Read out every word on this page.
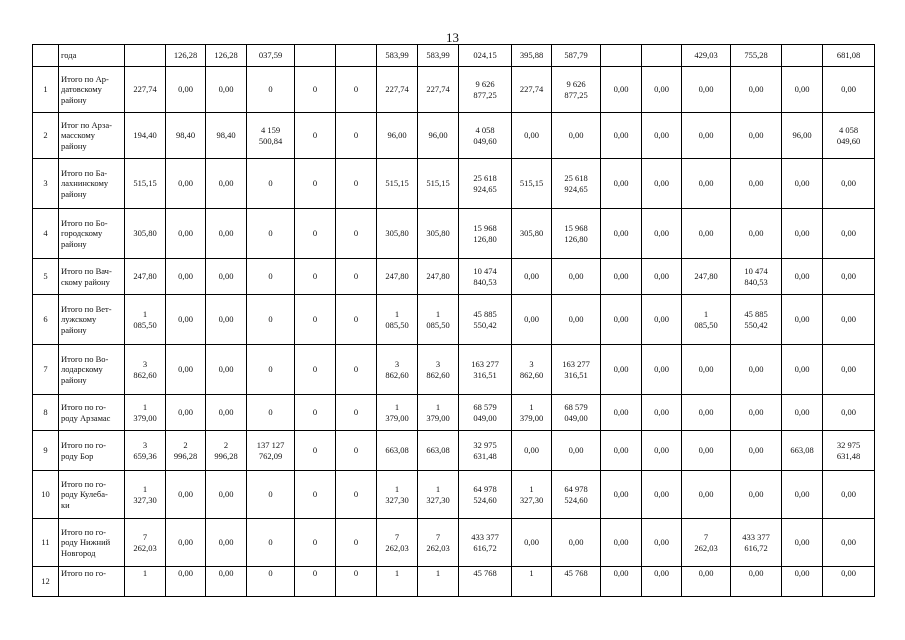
13

	года		126,28	126,28	037,59			583,99	583,99	024,15	395,88	587,79			429,03	755,28		681,08

1	Итого по Ар-
датовскому
району	227,74	0,00	0,00	0	0	0	227,74	227,74	9 626
877,25	227,74	9 626
877,25	0,00	0,00	0,00	0,00	0,00	0,00

2	Итог по Арза-
масскому
району	194,40	98,40	98,40	4 159
500,84	0	0	96,00	96,00	4 058
049,60	0,00	0,00	0,00	0,00	0,00	0,00	96,00	4 058
049,60

3	Итого по Ба-
лахнинскому
району	515,15	0,00	0,00	0	0	0	515,15	515,15	25 618
924,65	515,15	25 618
924,65	0,00	0,00	0,00	0,00	0,00	0,00

4	Итого по Бо-
городскому
району	305,80	0,00	0,00	0	0	0	305,80	305,80	15 968
126,80	305,80	15 968
126,80	0,00	0,00	0,00	0,00	0,00	0,00

5	Итого по Вач-
скому району	247,80	0,00	0,00	0	0	0	247,80	247,80	10 474
840,53	0,00	0,00	0,00	0,00	247,80	10 474
840,53	0,00	0,00

6	Итого по Вет-
лужскому
району	1
085,50	0,00	0,00	0	0	0	1
085,50	1
085,50	45 885
550,42	0,00	0,00	0,00	0,00	1
085,50	45 885
550,42	0,00	0,00

7	Итого по Во-
лодарскому
району	3
862,60	0,00	0,00	0	0	0	3
862,60	3
862,60	163 277
316,51	3
862,60	163 277
316,51	0,00	0,00	0,00	0,00	0,00	0,00

8	Итого по го-
роду Арзамас	1
379,00	0,00	0,00	0	0	0	1
379,00	1
379,00	68 579
049,00	1
379,00	68 579
049,00	0,00	0,00	0,00	0,00	0,00	0,00

9	Итого по го-
роду Бор	3
659,36	2
996,28	2
996,28	137 127
762,09	0	0	663,08	663,08	32 975
631,48	0,00	0,00	0,00	0,00	0,00	0,00	663,08	32 975
631,48

10	Итого по го-
роду Кулеба-
ки	1
327,30	0,00	0,00	0	0	0	1
327,30	1
327,30	64 978
524,60	1
327,30	64 978
524,60	0,00	0,00	0,00	0,00	0,00	0,00

11	Итого по го-
роду Нижний
Новгород	7
262,03	0,00	0,00	0	0	0	7
262,03	7
262,03	433 377
616,72	0,00	0,00	0,00	0,00	7
262,03	433 377
616,72	0,00	0,00

12	Итого по го-	1	0,00	0,00	0	0	0	1	1	45 768	1	45 768	0,00	0,00	0,00	0,00	0,00	0,00
